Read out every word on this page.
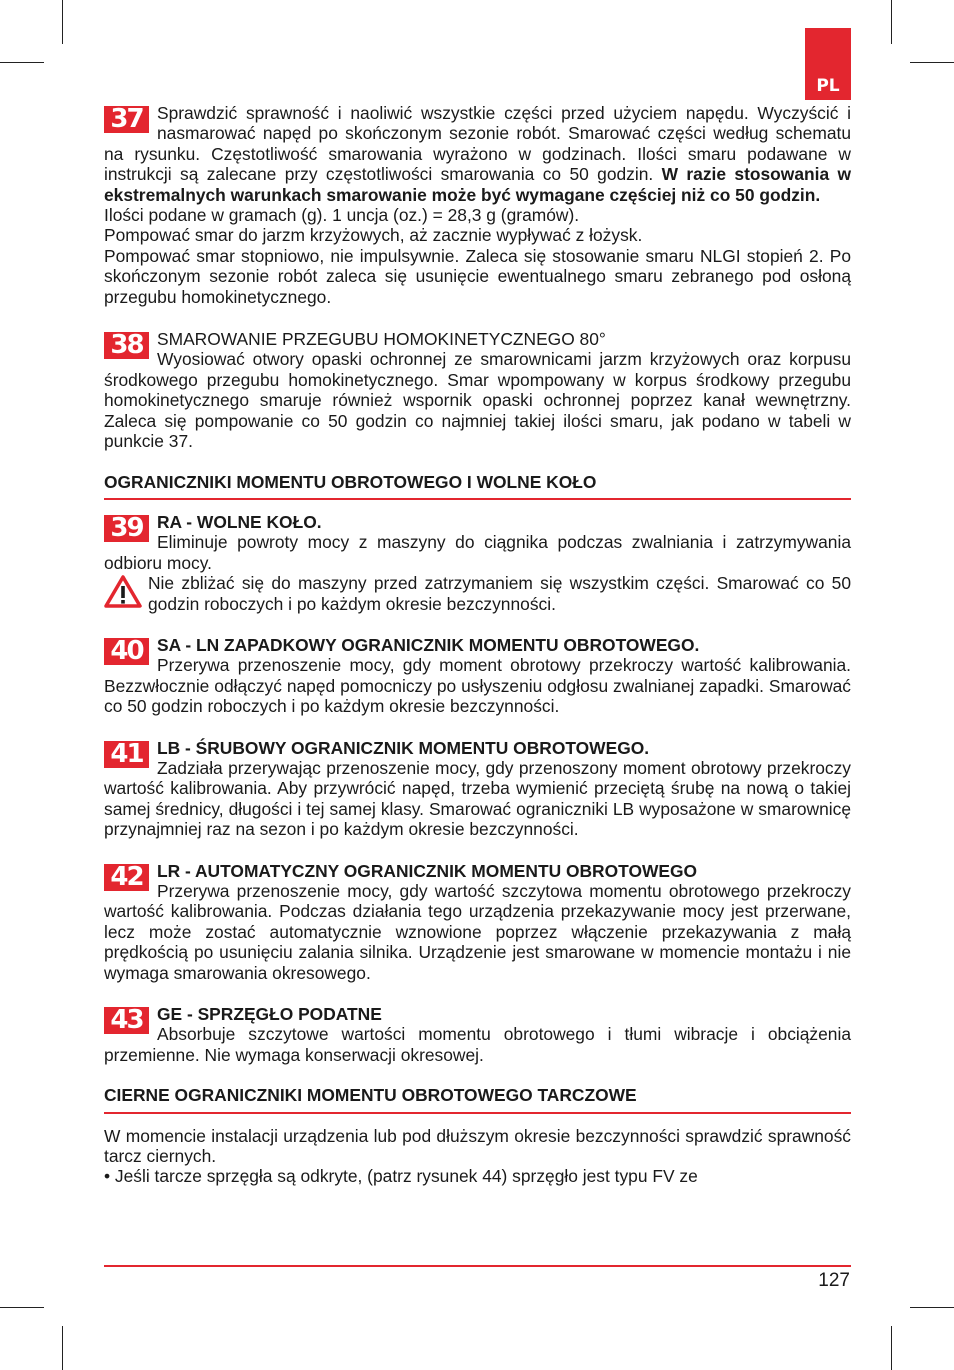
PL
37 Sprawdzić sprawność i naoliwić wszystkie części przed użyciem napędu. Wyczyścić i nasmarować napęd po skończonym sezonie robót. Smarować części według schematu na rysunku. Częstotliwość smarowania wyrażono w godzinach. Ilości smaru podawane w instrukcji są zalecane przy częstotliwości smarowania co 50 godzin. W razie stosowania w ekstremalnych warunkach smarowanie może być wymagane częściej niż co 50 godzin.

Ilości podane w gramach (g). 1 uncja (oz.) = 28,3 g (gramów).

Pompować smar do jarzm krzyżowych, aż zacznie wypływać z łożysk.

Pompować smar stopniowo, nie impulsywnie. Zaleca się stosowanie smaru NLGI stopień 2. Po skończonym sezonie robót zaleca się usunięcie ewentualnego smaru zebranego pod osłoną przegubu homokinetycznego.

38 SMAROWANIE PRZEGUBU HOMOKINETYCZNEGO 80°

Wyosiować otwory opaski ochronnej ze smarownicami jarzm krzyżowych oraz korpusu środkowego przegubu homokinetycznego. Smar wpompowany w korpus środkowy przegubu homokinetycznego smaruje również wspornik opaski ochronnej poprzez kanał wewnętrzny. Zaleca się pompowanie co 50 godzin co najmniej takiej ilości smaru, jak podano w tabeli w punkcie 37.

OGRANICZNIKI MOMENTU OBROTOWEGO I WOLNE KOŁO

39 RA - WOLNE KOŁO.

Eliminuje powroty mocy z maszyny do ciągnika podczas zwalniania i zatrzymywania odbioru mocy.

Nie zbliżać się do maszyny przed zatrzymaniem się wszystkim części. Smarować co 50 godzin roboczych i po każdym okresie bezczynności.

40 SA - LN ZAPADKOWY OGRANICZNIK MOMENTU OBROTOWEGO.

Przerywa przenoszenie mocy, gdy moment obrotowy przekroczy wartość kalibrowania. Bezzwłocznie odłączyć napęd pomocniczy po usłyszeniu odgłosu zwalnianej zapadki. Smarować co 50 godzin roboczych i po każdym okresie bezczynności.
41 LB - ŚRUBOWY OGRANICZNIK MOMENTU OBROTOWEGO.

Zadziała przerywając przenoszenie mocy, gdy przenoszony moment obrotowy przekroczy wartość kalibrowania. Aby przywrócić napęd, trzeba wymienić przeciętą śrubę na nową o takiej samej średnicy, długości i tej samej klasy. Smarować ograniczniki LB wyposażone w smarownicę przynajmniej raz na sezon i po każdym okresie bezczynności.
42 LR - AUTOMATYCZNY OGRANICZNIK MOMENTU OBROTOWEGO

Przerywa przenoszenie mocy, gdy wartość szczytowa momentu obrotowego przekroczy wartość kalibrowania. Podczas działania tego urządzenia przekazywanie mocy jest przerwane, lecz może zostać automatycznie wznowione poprzez włączenie przekazywania z małą prędkością po usunięciu zalania silnika. Urządzenie jest smarowane w momencie montażu i nie wymaga smarowania okresowego.
43 GE - SPRZĘGŁO PODATNE

Absorbuje szczytowe wartości momentu obrotowego i tłumi wibracje i obciążenia przemienne. Nie wymaga konserwacji okresowej.

CIERNE OGRANICZNIKI MOMENTU OBROTOWEGO TARCZOWE

W momencie instalacji urządzenia lub pod dłuższym okresie bezczynności sprawdzić sprawność tarcz ciernych.

• Jeśli tarcze sprzęgła są odkryte, (patrz rysunek 44) sprzęgło jest typu FV ze

127
